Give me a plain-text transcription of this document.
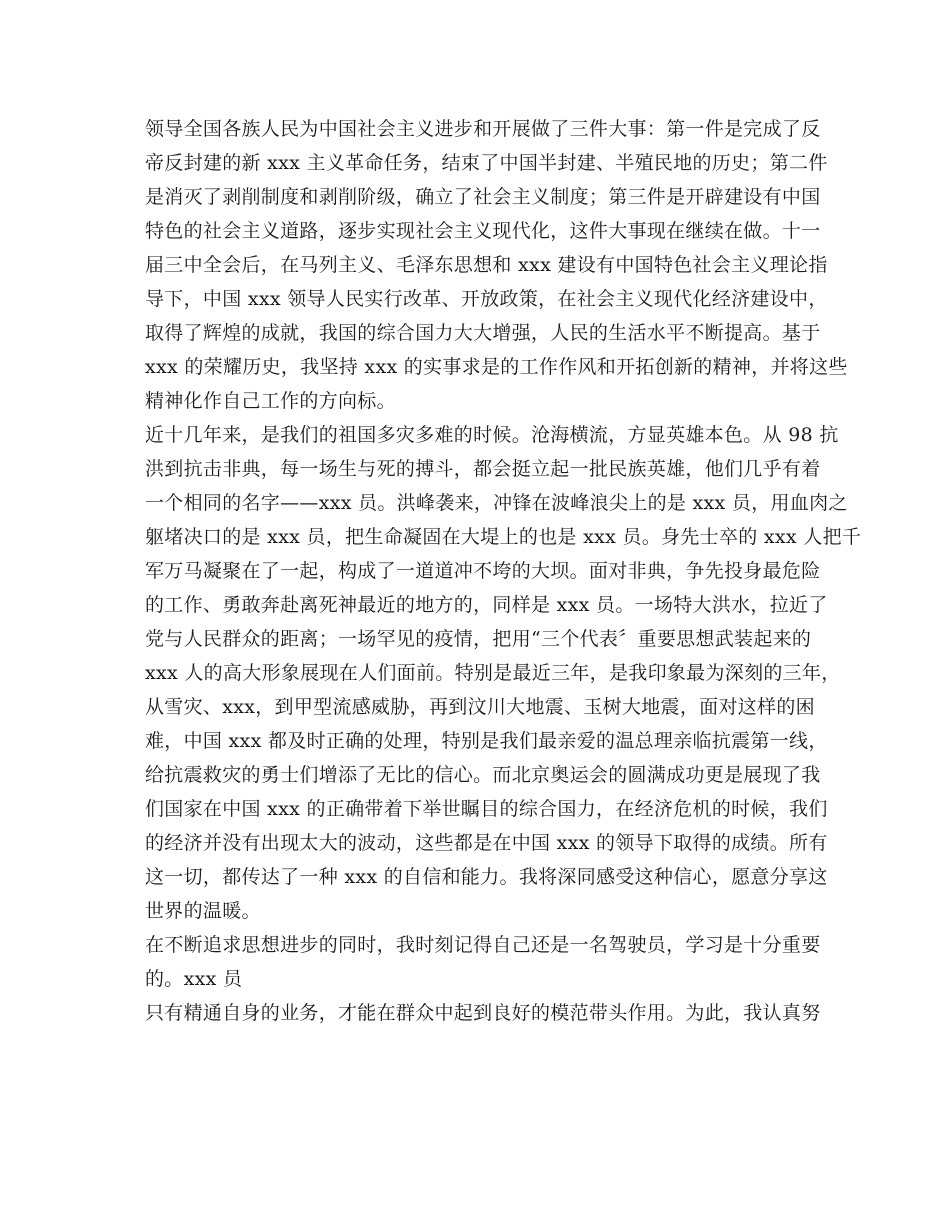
领导全国各族人民为中国社会主义进步和开展做了三件大事：第一件是完成了反
帝反封建的新 xxx 主义革命任务，结束了中国半封建、半殖民地的历史；第二件
是消灭了剥削制度和剥削阶级，确立了社会主义制度；第三件是开辟建设有中国
特色的社会主义道路，逐步实现社会主义现代化，这件大事现在继续在做。十一
届三中全会后，在马列主义、毛泽东思想和 xxx 建设有中国特色社会主义理论指
导下，中国 xxx 领导人民实行改革、开放政策，在社会主义现代化经济建设中，
取得了辉煌的成就，我国的综合国力大大增强，人民的生活水平不断提高。基于
xxx 的荣耀历史，我坚持 xxx 的实事求是的工作作风和开拓创新的精神，并将这些
精神化作自己工作的方向标。
近十几年来，是我们的祖国多灾多难的时候。沧海横流，方显英雄本色。从 98 抗
洪到抗击非典，每一场生与死的搏斗，都会挺立起一批民族英雄，他们几乎有着
一个相同的名字——xxx 员。洪峰袭来，冲锋在波峰浪尖上的是 xxx 员，用血肉之
躯堵决口的是 xxx 员，把生命凝固在大堤上的也是 xxx 员。身先士卒的 xxx 人把千
军万马凝聚在了一起，构成了一道道冲不垮的大坝。面对非典，争先投身最危险
的工作、勇敢奔赴离死神最近的地方的，同样是 xxx 员。一场特大洪水，拉近了
党与人民群众的距离；一场罕见的疫情，把用“三个代表〞重要思想武装起来的
xxx 人的高大形象展现在人们面前。特别是最近三年，是我印象最为深刻的三年，
从雪灾、xxx，到甲型流感威胁，再到汶川大地震、玉树大地震，面对这样的困
难，中国 xxx 都及时正确的处理，特别是我们最亲爱的温总理亲临抗震第一线，
给抗震救灾的勇士们增添了无比的信心。而北京奥运会的圆满成功更是展现了我
们国家在中国 xxx 的正确带着下举世瞩目的综合国力，在经济危机的时候，我们
的经济并没有出现太大的波动，这些都是在中国 xxx 的领导下取得的成绩。所有
这一切，都传达了一种 xxx 的自信和能力。我将深同感受这种信心，愿意分享这
世界的温暖。
在不断追求思想进步的同时，我时刻记得自己还是一名驾驶员，学习是十分重要
的。xxx 员
只有精通自身的业务，才能在群众中起到良好的模范带头作用。为此，我认真努
